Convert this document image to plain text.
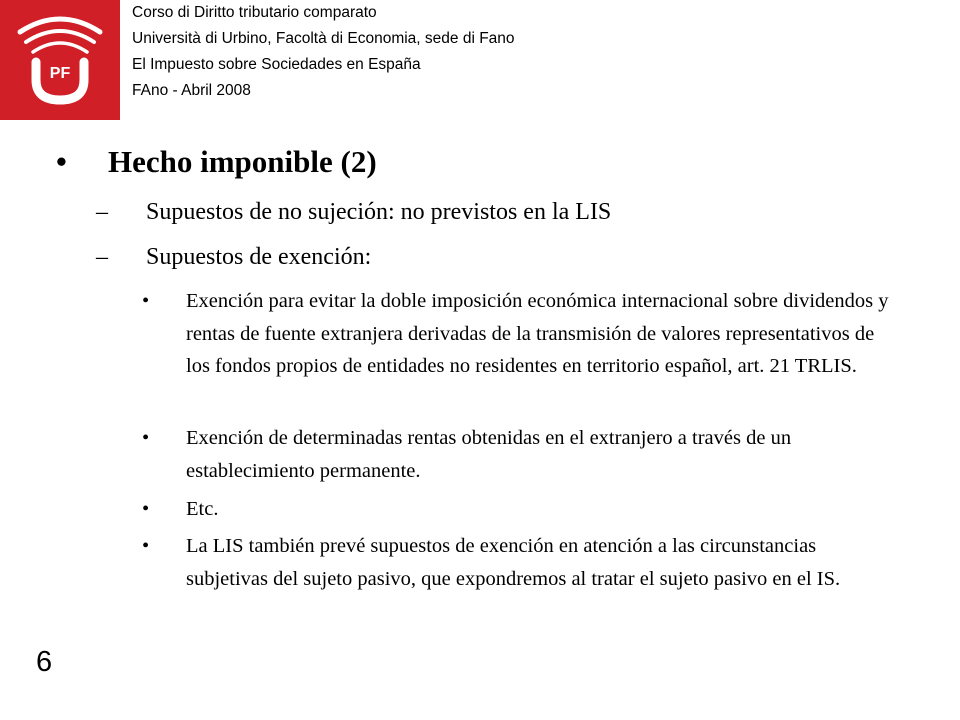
PF
Corso di Diritto tributario comparato
Università di Urbino, Facoltà di Economia, sede di Fano
El Impuesto sobre Sociedades en España
FAno - Abril 2008
• Hecho imponible (2)
– Supuestos de no sujeción: no previstos en la LIS
– Supuestos de exención:
• Exención para evitar la doble imposición económica internacional sobre dividendos y rentas de fuente extranjera derivadas de la transmisión de valores representativos de los fondos propios de entidades no residentes en territorio español, art. 21 TRLIS.
• Exención de determinadas rentas obtenidas en el extranjero a través de un establecimiento permanente.
• Etc.
• La LIS también prevé supuestos de exención en atención a las circunstancias subjetivas del sujeto pasivo, que expondremos al tratar el sujeto pasivo en el IS.
6
